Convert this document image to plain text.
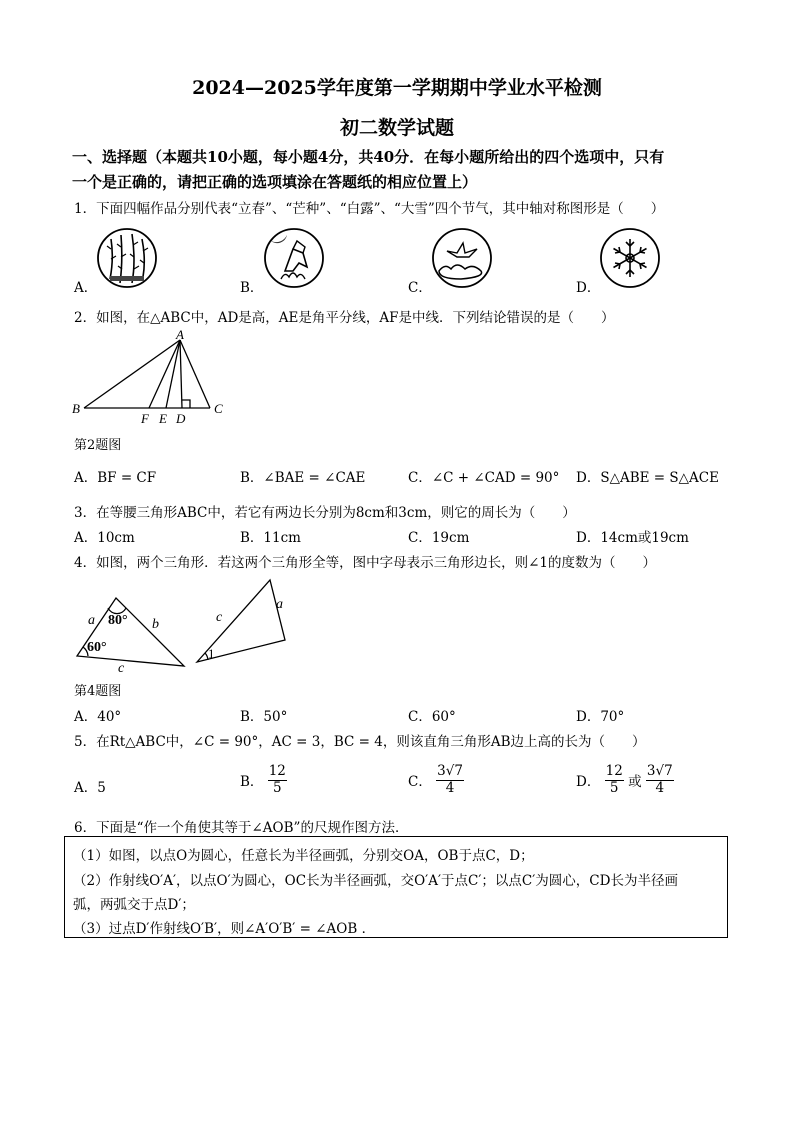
2024—2025学年度第一学期期中学业水平检测
初二数学试题
一、选择题（本题共10小题，每小题4分，共40分．在每小题所给出的四个选项中，只有
一个是正确的，请把正确的选项填涂在答题纸的相应位置上）
1．下面四幅作品分别代表“立春”、“芒种”、“白露”、“大雪”四个节气，其中轴对称图形是（　　）
A．	B．	C．	D．
2．如图，在△ABC中，AD是高，AE是角平分线，AF是中线．下列结论错误的是（　　）
A
B	C
F E D
第2题图
A．BF = CF	B．∠BAE = ∠CAE	C．∠C + ∠CAD = 90° D．S△ABE = S△ACE
3．在等腰三角形ABC中，若它有两边长分别为8cm和3cm，则它的周长为（　　）
A．10cm	B．11cm	C．19cm	D．14cm或19cm
4．如图，两个三角形．若这两个三角形全等，图中字母表示三角形边长，则∠1的度数为（　　）
a	b
c
80°
60°
c
a
1
第4题图
A．40°	B．50°	C．60°	D．70°
5．在Rt△ABC中，∠C = 90°，AC = 3，BC = 4，则该直角三角形AB边上高的长为（　　）
A．5	B． $\frac{12}{5}$	C． $\frac{3√7}{4}$	D． $\frac{12}{5}$ 或 $\frac{3√7}{4}$
6．下面是“作一个角使其等于∠AOB”的尺规作图方法．
（1）如图，以点O为圆心，任意长为半径画弧，分别交OA，OB于点C，D；
（2）作射线O′A′，以点O′为圆心，OC长为半径画弧，交O′A′于点C′；以点C′为圆心，CD长为半径画
弧，两弧交于点D′；
（3）过点D′作射线O′B′，则∠A′O′B′ = ∠AOB ．
